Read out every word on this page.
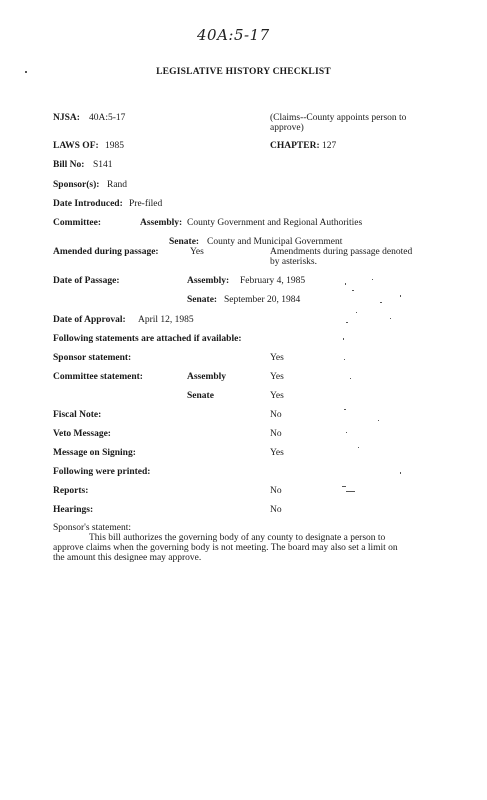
40A:5-17
LEGISLATIVE HISTORY CHECKLIST
NJSA: 40A:5-17	(Claims--County appoints person to
approve)
LAWS OF: 1985	CHAPTER: 127
Bill No: S141
Sponsor(s): Rand
Date Introduced: Pre-filed
Committee:	Assembly: County Government and Regional Authorities
Senate: County and Municipal Government
Amended during passage:	Yes	Amendments during passage denoted
by asterisks.
Date of Passage:	Assembly: February 4, 1985
Senate: September 20, 1984
Date of Approval: April 12, 1985
Following statements are attached if available:
Sponsor statement:	Yes
Committee statement:	Assembly	Yes
Senate	Yes
Fiscal Note:	No
Veto Message:	No
Message on Signing:	Yes
Following were printed:
Reports:	No
Hearings:	No
Sponsor's statement:
This bill authorizes the governing body of any county to designate a person to
approve claims when the governing body is not meeting. The board may also set a limit on
the amount this designee may approve.
